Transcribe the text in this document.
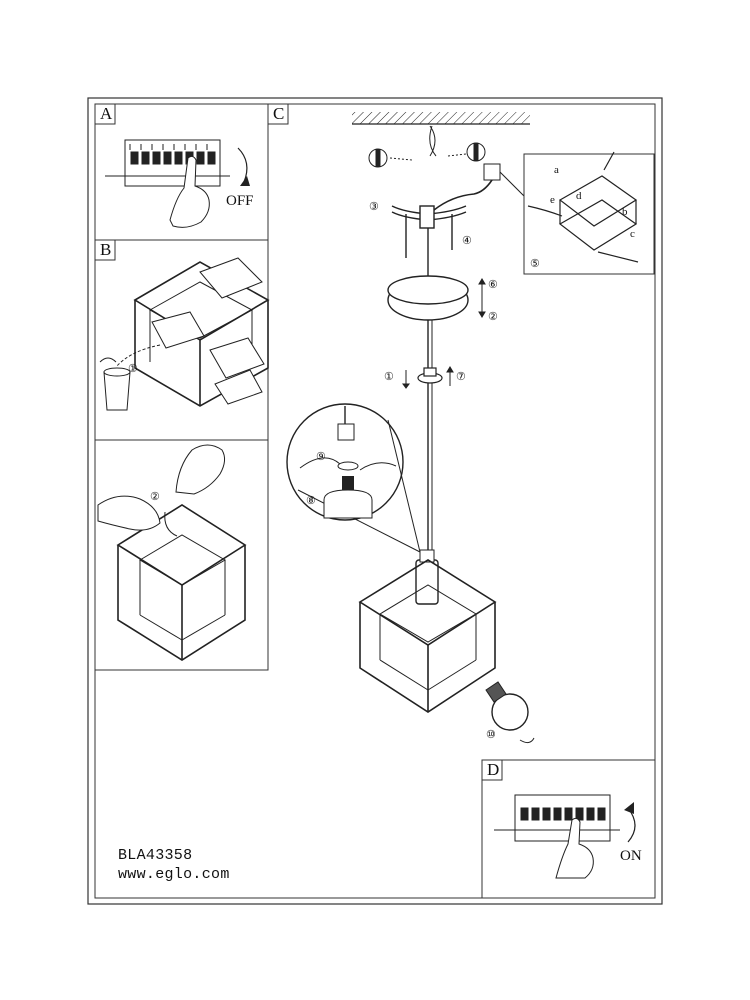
A
OFF
B
C
D
ON
①
②
③
④
⑤
⑥
②
①	⑦
⑨
⑧
⑩
a
d
e
b
c
BLA43358
www.eglo.com
